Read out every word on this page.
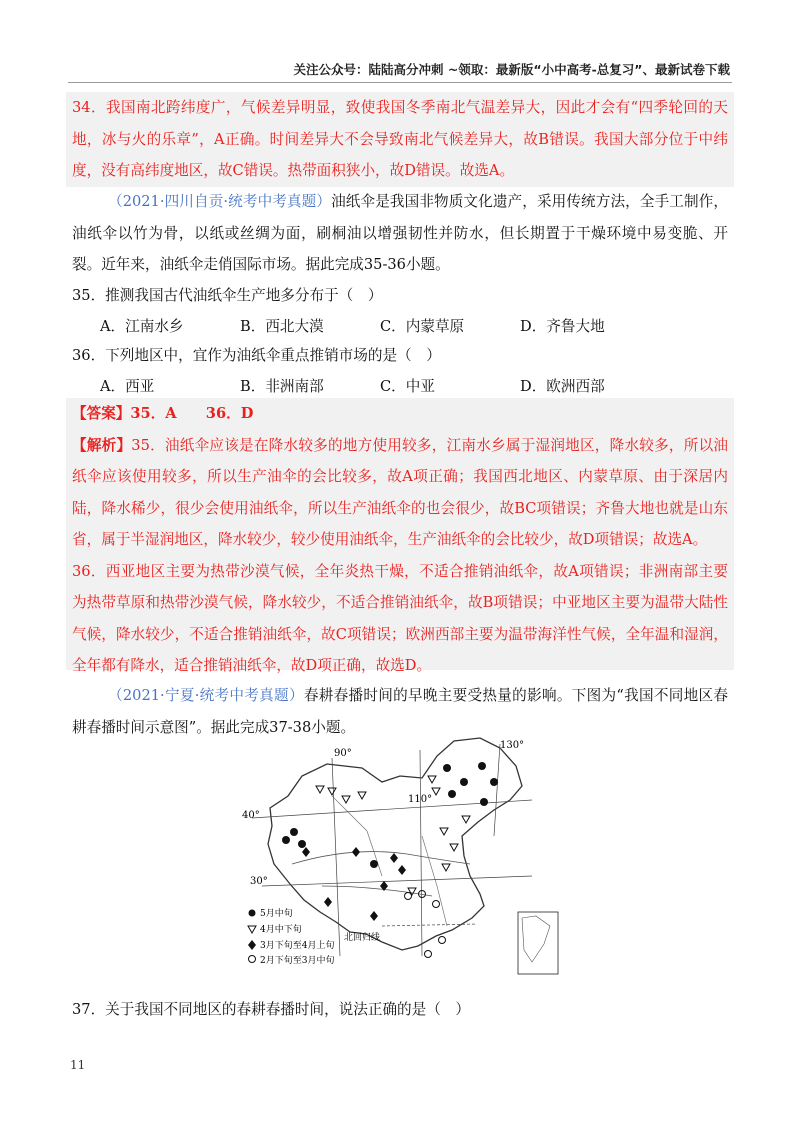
关注公众号：陆陆高分冲刺 ~领取：最新版“小中高考-总复习”、最新试卷下载

34．我国南北跨纬度广，气候差异明显，致使我国冬季南北气温差异大，因此才会有“四季轮回的天地，冰与火的乐章”，A正确。时间差异大不会导致南北气候差异大，故B错误。我国大部分位于中纬度，没有高纬度地区，故C错误。热带面积狭小，故D错误。故选A。

（2021·四川自贡·统考中考真题）油纸伞是我国非物质文化遗产，采用传统方法，全手工制作，油纸伞以竹为骨，以纸或丝绸为面，刷桐油以增强韧性并防水，但长期置于干燥环境中易变脆、开裂。近年来，油纸伞走俏国际市场。据此完成35-36小题。

35．推测我国古代油纸伞生产地多分布于（　）

A．江南水乡	B．西北大漠	C．内蒙草原	D．齐鲁大地

36．下列地区中，宜作为油纸伞重点推销市场的是（　）

A．西亚	B．非洲南部	C．中亚	D．欧洲西部

【答案】35．A　　36．D

【解析】35．油纸伞应该是在降水较多的地方使用较多，江南水乡属于湿润地区，降水较多，所以油纸伞应该使用较多，所以生产油伞的会比较多，故A项正确；我国西北地区、内蒙草原、由于深居内陆，降水稀少，很少会使用油纸伞，所以生产油纸伞的也会很少，故BC项错误；齐鲁大地也就是山东省，属于半湿润地区，降水较少，较少使用油纸伞，生产油纸伞的会比较少，故D项错误；故选A。

36．西亚地区主要为热带沙漠气候，全年炎热干燥，不适合推销油纸伞，故A项错误；非洲南部主要为热带草原和热带沙漠气候，降水较少，不适合推销油纸伞，故B项错误；中亚地区主要为温带大陆性气候，降水较少，不适合推销油纸伞，故C项错误；欧洲西部主要为温带海洋性气候，全年温和湿润，全年都有降水，适合推销油纸伞，故D项正确，故选D。

（2021·宁夏·统考中考真题）春耕春播时间的早晚主要受热量的影响。下图为“我国不同地区春耕春播时间示意图”。据此完成37-38小题。

90°
110°
130°
40°
30°
北回归线
5月中旬
4月中下旬
3月下旬至4月上旬
2月下旬至3月中旬

37．关于我国不同地区的春耕春播时间，说法正确的是（　）

11
